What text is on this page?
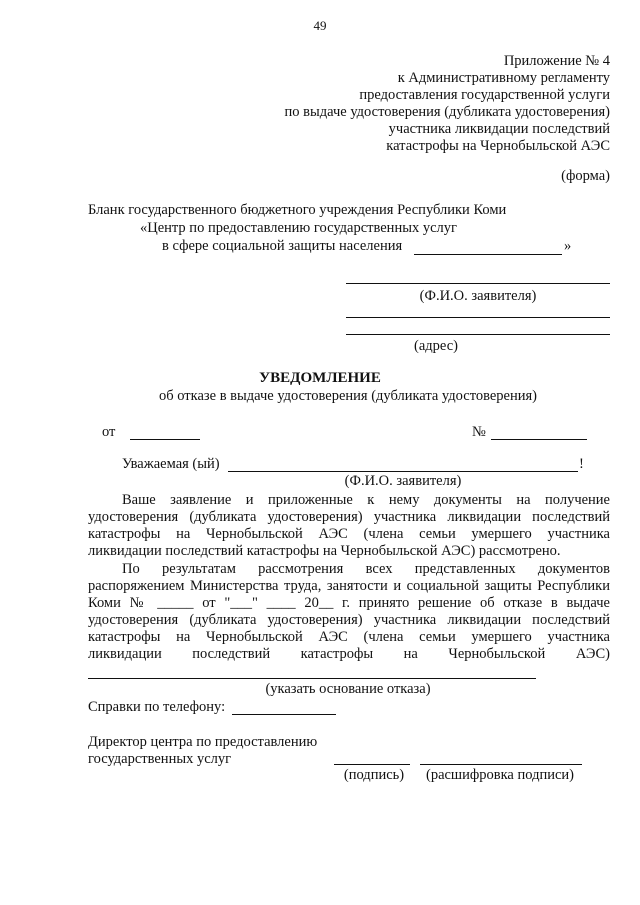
49
Приложение № 4
к Административному регламенту
предоставления государственной услуги
по выдаче удостоверения (дубликата удостоверения)
участника ликвидации последствий
катастрофы на Чернобыльской АЭС
(форма)
Бланк государственного бюджетного учреждения Республики Коми
«Центр по предоставлению государственных услуг
в сфере социальной защиты населения	»
(Ф.И.О. заявителя)
(адрес)
УВЕДОМЛЕНИЕ
об отказе в выдаче удостоверения (дубликата удостоверения)
от	№
Уважаемая (ый)	!
(Ф.И.О. заявителя)
Ваше заявление и приложенные к нему документы на получение
удостоверения (дубликата удостоверения) участника ликвидации последствий
катастрофы на Чернобыльской АЭС (члена семьи умершего участника
ликвидации последствий катастрофы на Чернобыльской АЭС) рассмотрено.
По результатам рассмотрения всех представленных документов
распоряжением Министерства труда, занятости и социальной защиты Республики
Коми № _____ от "___" ____ 20__ г. принято решение об отказе в выдаче
удостоверения (дубликата удостоверения) участника ликвидации последствий
катастрофы на Чернобыльской АЭС (члена семьи умершего участника
ликвидации последствий катастрофы на Чернобыльской АЭС)
(указать основание отказа)
Справки по телефону:
Директор центра по предоставлению
государственных услуг
(подпись)	(расшифровка подписи)
